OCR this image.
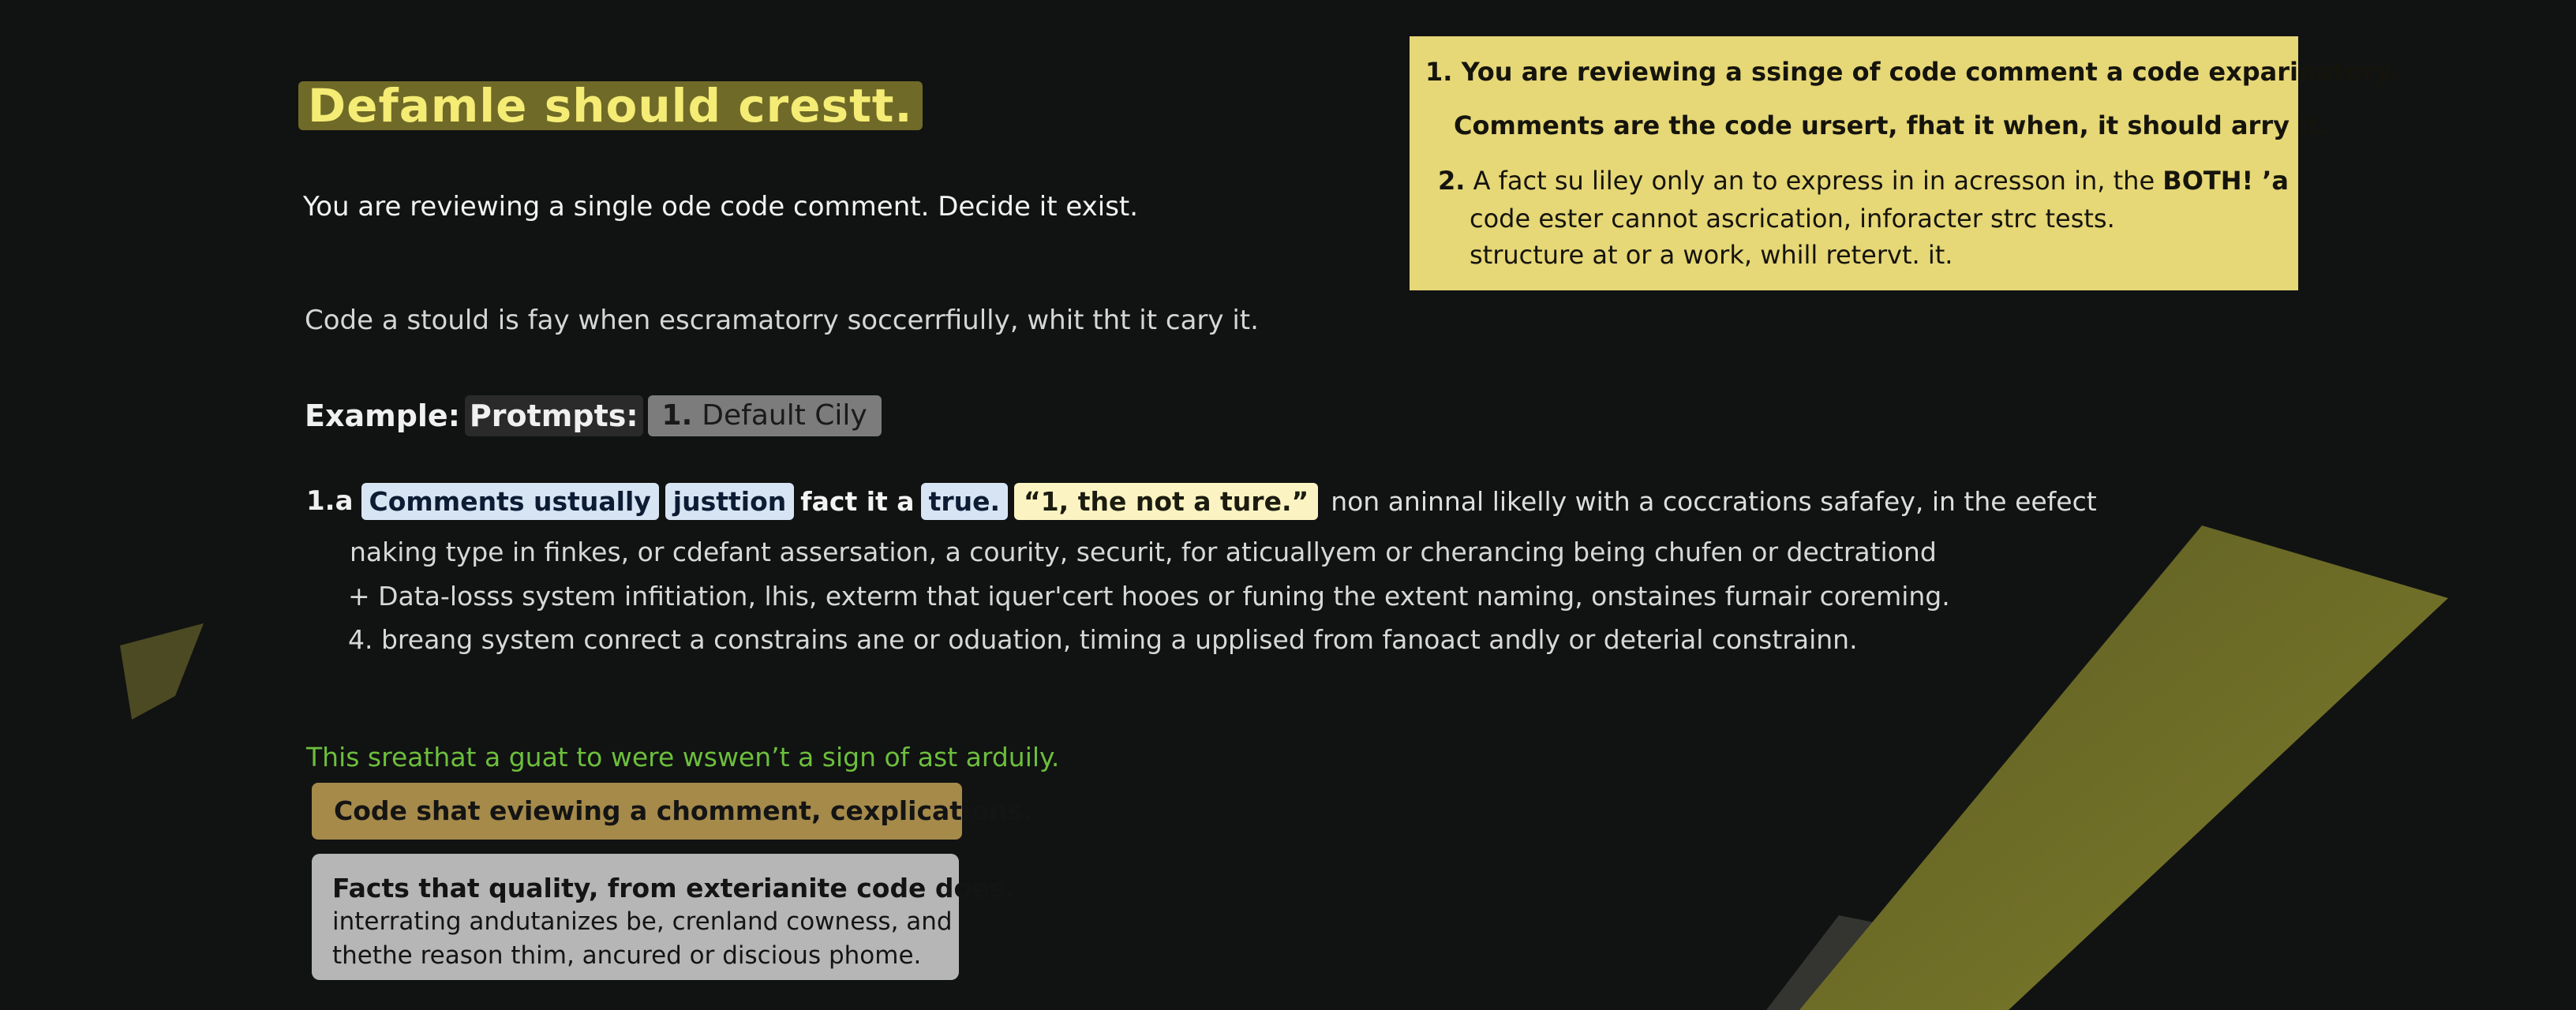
Defamle should crestt.
You are reviewing a single ode code comment. Decide it exist.
Code a stould is fay when escramatorry soccerrfiully, whit tht it cary it.
Example: Protmpts: 1. Default Cily
1.a Comments ustually justtion fact it a true. “1, the not a ture.” non aninnal likelly with a coccrations safafey, in the eefect
naking type in finkes, or cdefant assersation, a courity, securit, for aticuallyem or cherancing being chufen or dectrationd
+ Data-losss system infitiation, lhis, exterm that iquer'cert hooes or funing the extent naming, onstaines furnair coreming.
4. breang system conrect a constrains ane or oduation, timing a upplised from fanoact andly or deterial constrainn.
This sreathat a guat to were wswen’t a sign of ast arduily.
Code shat eviewing a chomment, cexplications.
Facts that quality, from exterianite code does.
interrating andutanizes be, crenland cowness, and
thethe reason thim, ancured or discious phome.
1. You are reviewing a ssinge of code comment a code exparinatory.
Comments are the code ursert, fhat it when, it should arry it.
2. A fact su liley only an to express in in acresson in, the BOTH! ’a
code ester cannot ascrication, inforacter strc tests.
structure at or a work, whill retervt. it.
